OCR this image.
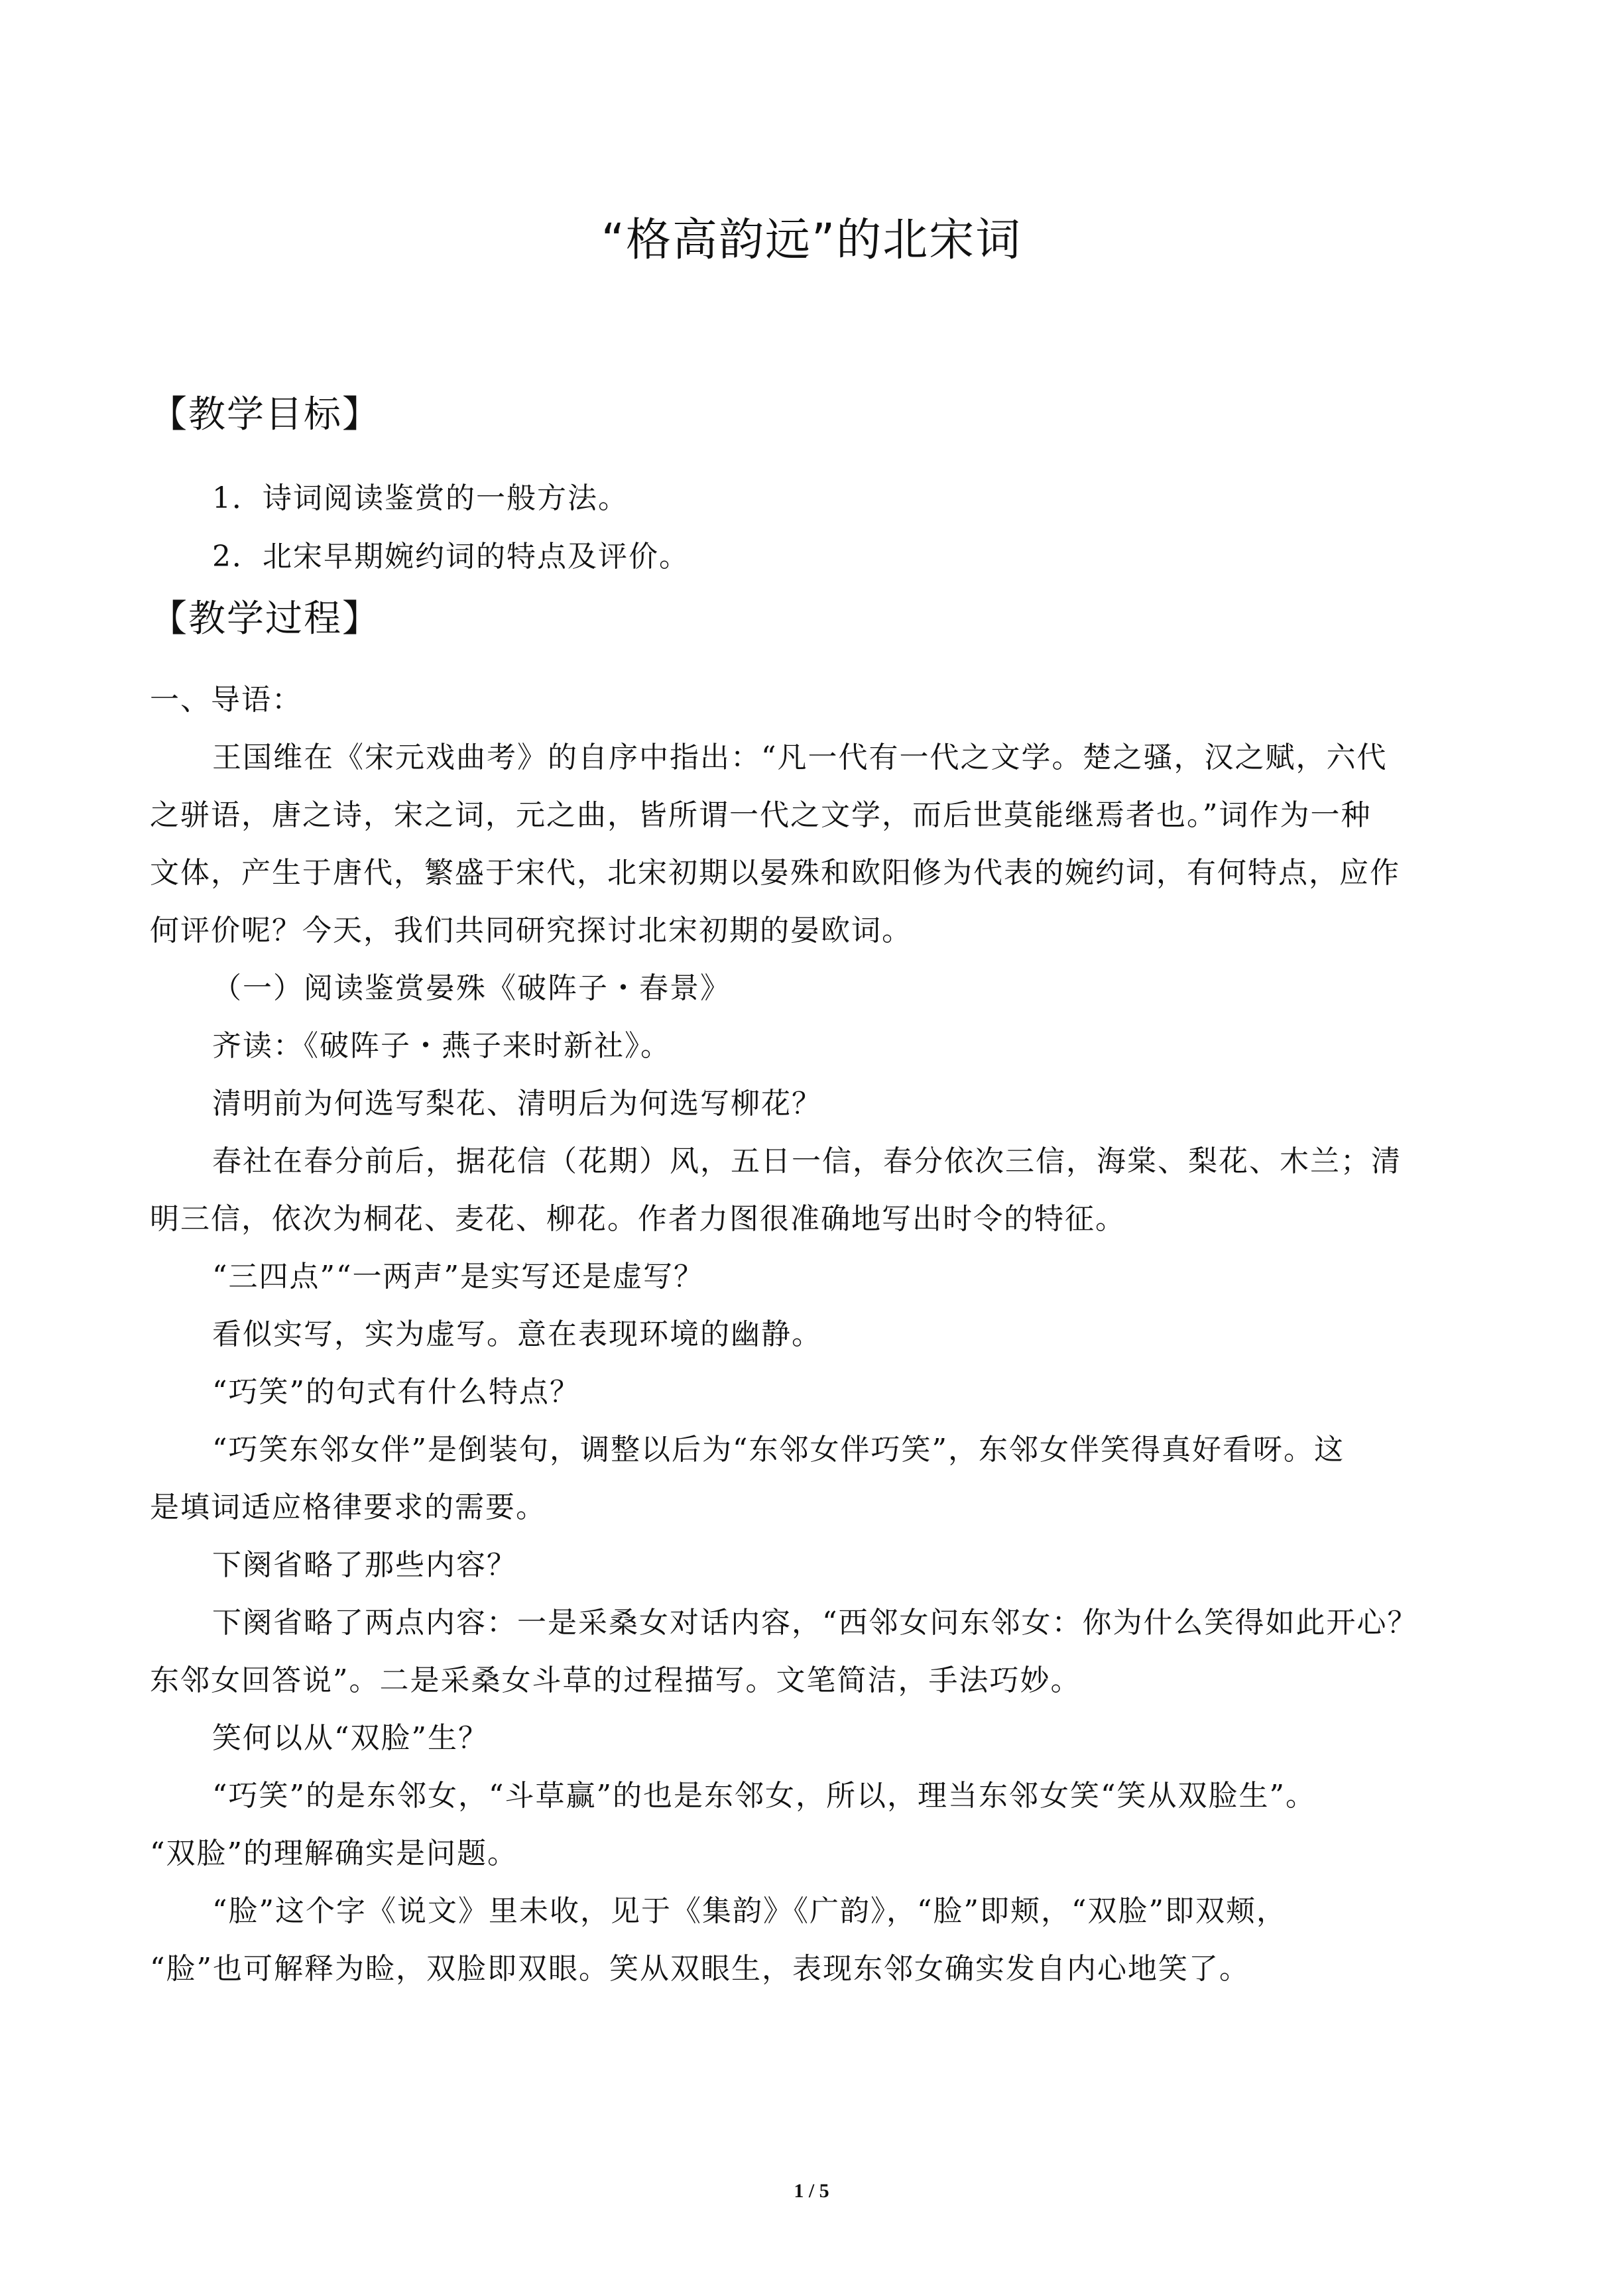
“格高韵远”的北宋词
【教学目标】
1．诗词阅读鉴赏的一般方法。
2．北宋早期婉约词的特点及评价。
【教学过程】
一、导语：
王国维在《宋元戏曲考》的自序中指出：“凡一代有一代之文学。楚之骚，汉之赋，六代
之骈语，唐之诗，宋之词，元之曲，皆所谓一代之文学，而后世莫能继焉者也。”词作为一种
文体，产生于唐代，繁盛于宋代，北宋初期以晏殊和欧阳修为代表的婉约词，有何特点，应作
何评价呢？今天，我们共同研究探讨北宋初期的晏欧词。
（一）阅读鉴赏晏殊《破阵子・春景》
齐读：《破阵子・燕子来时新社》。
清明前为何选写梨花、清明后为何选写柳花？
春社在春分前后，据花信（花期）风，五日一信，春分依次三信，海棠、梨花、木兰；清
明三信，依次为桐花、麦花、柳花。作者力图很准确地写出时令的特征。
“三四点”“一两声”是实写还是虚写？
看似实写，实为虚写。意在表现环境的幽静。
“巧笑”的句式有什么特点？
“巧笑东邻女伴”是倒装句，调整以后为“东邻女伴巧笑”，东邻女伴笑得真好看呀。这
是填词适应格律要求的需要。
下阕省略了那些内容？
下阕省略了两点内容：一是采桑女对话内容，“西邻女问东邻女：你为什么笑得如此开心？
东邻女回答说”。二是采桑女斗草的过程描写。文笔简洁，手法巧妙。
笑何以从“双脸”生？
“巧笑”的是东邻女，“斗草赢”的也是东邻女，所以，理当东邻女笑“笑从双脸生”。
“双脸”的理解确实是问题。
“脸”这个字《说文》里未收，见于《集韵》《广韵》，“脸”即颊，“双脸”即双颊，
“脸”也可解释为睑，双脸即双眼。笑从双眼生，表现东邻女确实发自内心地笑了。
1 / 5
